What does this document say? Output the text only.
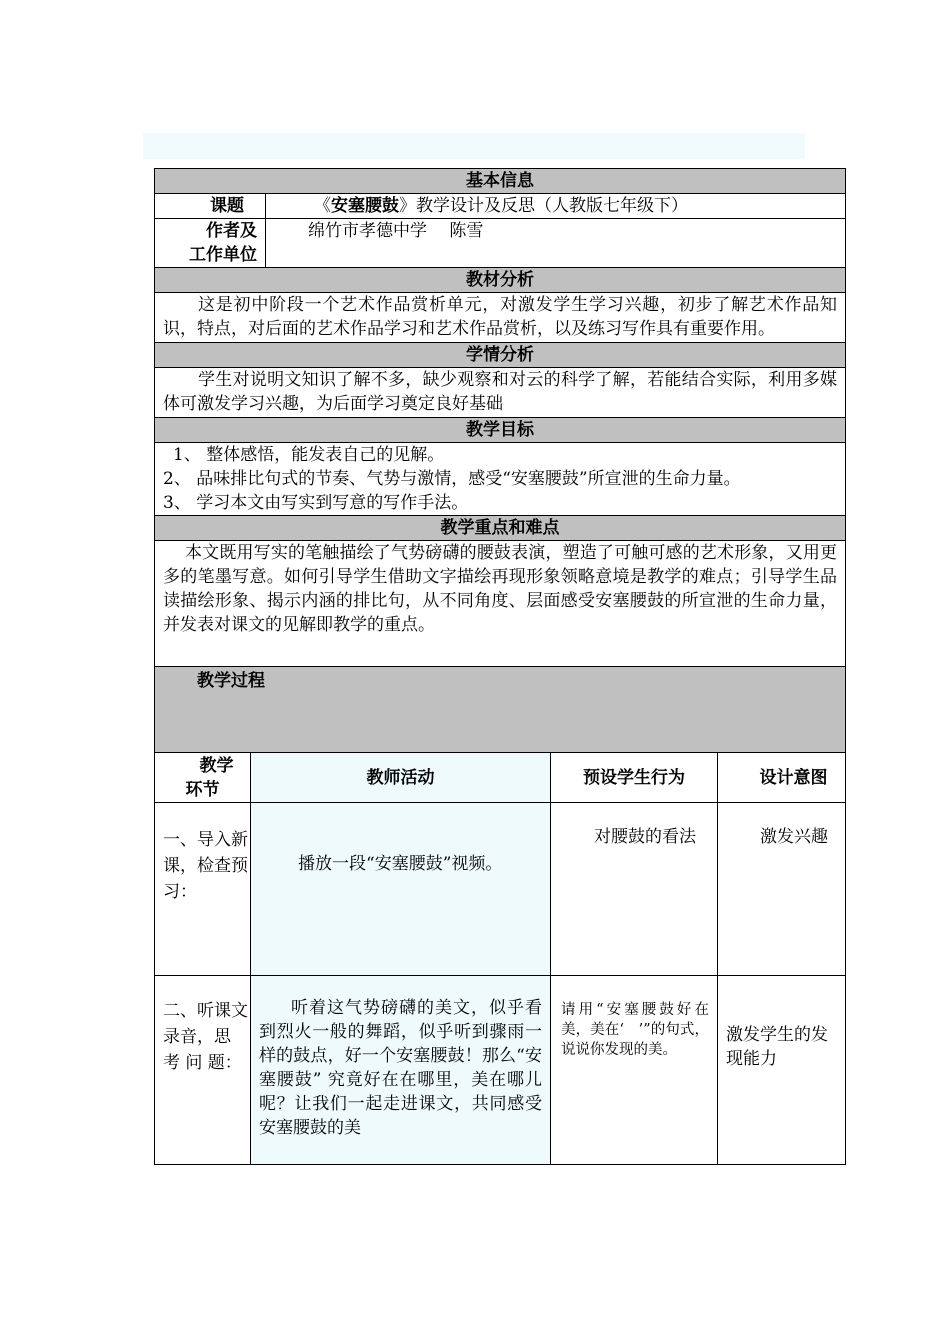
基本信息				
课题		《安塞腰鼓》教学设计及反思（人教版七年级下）		

作者及
工作单位		绵竹市孝德中学　 陈雪		
教材分析				
这是初中阶段一个艺术作品赏析单元，对激发学生学习兴趣，初步了解艺术作品知识，特点，对后面的艺术作品学习和艺术作品赏析，以及练习写作具有重要作用。				
学情分析				
学生对说明文知识了解不多，缺少观察和对云的科学了解，若能结合实际，利用多媒体可激发学习兴趣，为后面学习奠定良好基础				
教学目标				

1、 整体感悟，能发表自己的见解。
2、 品味排比句式的节奏、气势与激情，感受“安塞腰鼓”所宣泄的生命力量。
3、 学习本文由写实到写意的写作手法。				

教学重点和难点				
本文既用写实的笔触描绘了气势磅礴的腰鼓表演，塑造了可触可感的艺术形象，又用更多的笔墨写意。如何引导学生借助文字描绘再现形象领略意境是教学的难点；引导学生品读描绘形象、揭示内涵的排比句，从不同角度、层面感受安塞腰鼓的所宣泄的生命力量，并发表对课文的见解即教学的重点。				

教学过程				

教学
环节	教师活动		预设学生行为	设计意图
一、导入新课，检查预习：	播放一段“安塞腰鼓”视频。		对腰鼓的看法	激发兴趣
二、听课文录音，思 考 问 题：	听着这气势磅礴的美文，似乎看到烈火一般的舞蹈，似乎听到骤雨一样的鼓点，好一个安塞腰鼓！那么“安塞腰鼓” 究竟好在在哪里，美在哪儿呢？让我们一起走进课文，共同感受安塞腰鼓的美		请用“安塞腰鼓好在　　美，美在‘　’”的句式，说说你发现的美。	激发学生的发现能力
